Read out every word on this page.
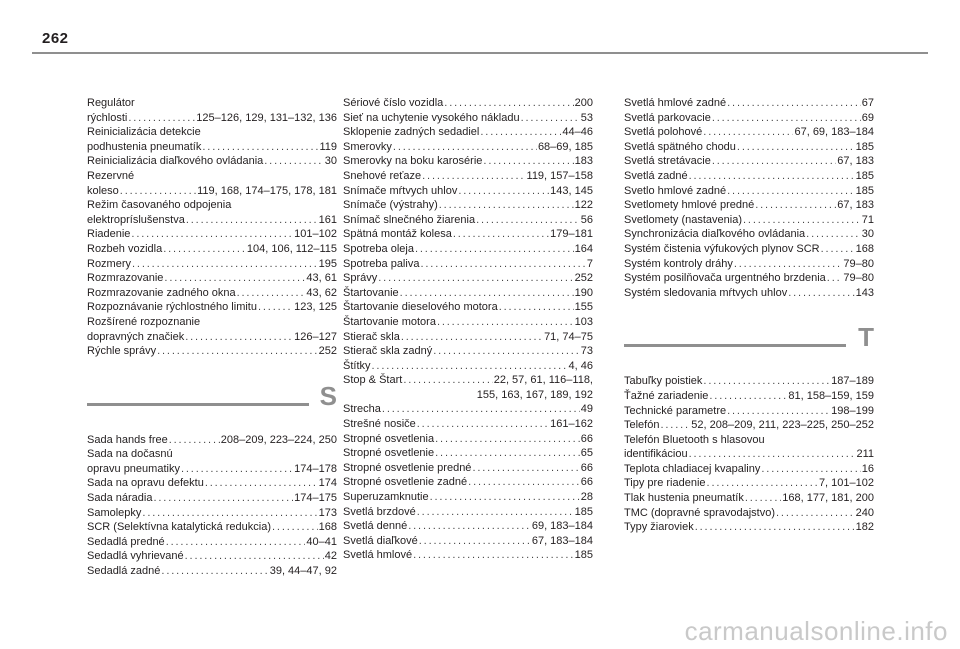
262
Regulátor
rýchlosti . . .	125–126, 129, 131–132, 136
Reinicializácia detekcie
podhustenia pneumatík . . .	119
Reinicializácia diaľkového ovládania . . .	30
Rezervné
koleso . . .	119, 168, 174–175, 178, 181
Režim časovaného odpojenia
elektropríslušenstva . . .	161
Riadenie . . .	101–102
Rozbeh vozidla . . .	104, 106, 112–115
Rozmery . . .	195
Rozmrazovanie . . .	43, 61
Rozmrazovanie zadného okna . . .	43, 62
Rozpoznávanie rýchlostného limitu . . .	123, 125
Rozšírené rozpoznanie
dopravných značiek . . .	126–127
Rýchle správy . . .	252
S
Sada hands free . . .	208–209, 223–224, 250
Sada na dočasnú
opravu pneumatiky . . .	174–178
Sada na opravu defektu . . .	174
Sada náradia . . .	174–175
Samolepky . . .	173
SCR (Selektívna katalytická redukcia) . . .	168
Sedadlá predné . . .	40–41
Sedadlá vyhrievané . . .	42
Sedadlá zadné . . .	39, 44–47, 92
Sériové číslo vozidla . . .	200
Sieť na uchytenie vysokého nákladu . . .	53
Sklopenie zadných sedadiel . . .	44–46
Smerovky . . .	68–69, 185
Smerovky na boku karosérie . . .	183
Snehové reťaze . . .	119, 157–158
Snímače mŕtvych uhlov . . .	143, 145
Snímače (výstrahy) . . .	122
Snímač slnečného žiarenia . . .	56
Spätná montáž kolesa . . .	179–181
Spotreba oleja . . .	164
Spotreba paliva . . .	7
Správy . . .	252
Štartovanie . . .	190
Štartovanie dieselového motora . . .	155
Štartovanie motora . . .	103
Stierač skla . . .	71, 74–75
Stierač skla zadný . . .	73
Štítky . . .	4, 46
Stop & Štart . . .	22, 57, 61, 116–118,
155, 163, 167, 189, 192
Strecha . . .	49
Strešné nosiče . . .	161–162
Stropné osvetlenia . . .	66
Stropné osvetlenie . . .	65
Stropné osvetlenie predné . . .	66
Stropné osvetlenie zadné . . .	66
Superuzamknutie . . .	28
Svetlá brzdové . . .	185
Svetlá denné . . .	69, 183–184
Svetlá diaľkové . . .	67, 183–184
Svetlá hmlové . . .	185
Svetlá hmlové zadné . . .	67
Svetlá parkovacie . . .	69
Svetlá polohové . . .	67, 69, 183–184
Svetlá spätného chodu . . .	185
Svetlá stretávacie . . .	67, 183
Svetlá zadné . . .	185
Svetlo hmlové zadné . . .	185
Svetlomety hmlové predné . . .	67, 183
Svetlomety (nastavenia) . . .	71
Synchronizácia diaľkového ovládania . . .	30
Systém čistenia výfukových plynov SCR . . .	168
Systém kontroly dráhy . . .	79–80
Systém posilňovača urgentného brzdenia . . . 79–80
Systém sledovania mŕtvych uhlov . . .	143
T
Tabuľky poistiek . . .	187–189
Ťažné zariadenie . . .	81, 158–159, 159
Technické parametre . . .	198–199
Telefón . . .	52, 208–209, 211, 223–225, 250–252
Telefón Bluetooth s hlasovou
identifikáciou . . .	211
Teplota chladiacej kvapaliny . . .	16
Tipy pre riadenie . . .	7, 101–102
Tlak hustenia pneumatík . . .	168, 177, 181, 200
TMC (dopravné spravodajstvo) . . .	240
Typy žiaroviek . . .	182
carmanualsonline.info
